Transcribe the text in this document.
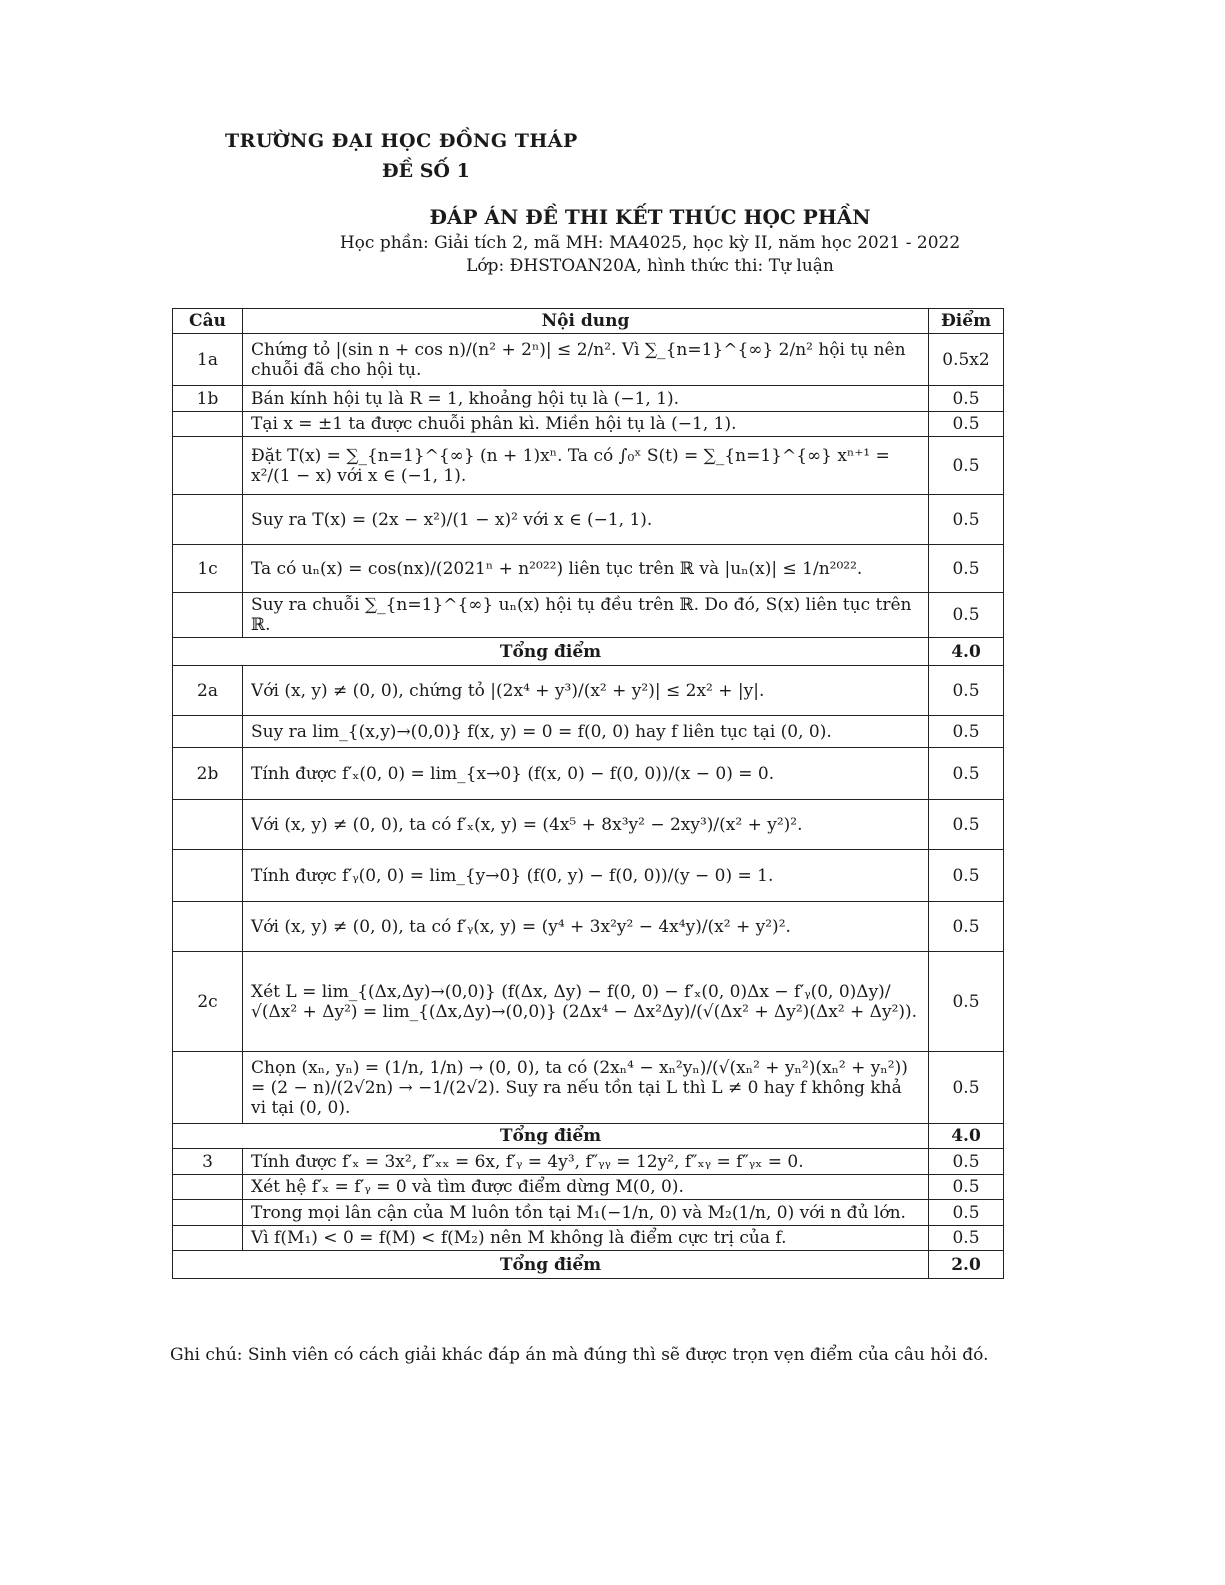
TRƯỜNG ĐẠI HỌC ĐỒNG THÁP
ĐỀ SỐ 1
ĐÁP ÁN ĐỀ THI KẾT THÚC HỌC PHẦN
Học phần: Giải tích 2, mã MH: MA4025, học kỳ II, năm học 2021 - 2022
Lớp: ĐHSTOAN20A, hình thức thi: Tự luận
Câu	Nội dung	Điểm
1a	Chứng tỏ |(sin n + cos n)/(n² + 2ⁿ)| ≤ 2/n². Vì ∑_{n=1}^{∞} 2/n² hội tụ nên chuỗi đã cho hội tụ.	0.5x2
1b	Bán kính hội tụ là R = 1, khoảng hội tụ là (−1, 1).	0.5
	Tại x = ±1 ta được chuỗi phân kì. Miền hội tụ là (−1, 1).	0.5
	Đặt T(x) = ∑_{n=1}^{∞} (n + 1)xⁿ. Ta có ∫₀ˣ S(t) = ∑_{n=1}^{∞} xⁿ⁺¹ = x²/(1 − x) với x ∈ (−1, 1).	0.5
	Suy ra T(x) = (2x − x²)/(1 − x)² với x ∈ (−1, 1).	0.5
1c	Ta có uₙ(x) = cos(nx)/(2021ⁿ + n²⁰²²) liên tục trên ℝ và |uₙ(x)| ≤ 1/n²⁰²².	0.5
	Suy ra chuỗi ∑_{n=1}^{∞} uₙ(x) hội tụ đều trên ℝ. Do đó, S(x) liên tục trên ℝ.	0.5
Tổng điểm		4.0
2a	Với (x, y) ≠ (0, 0), chứng tỏ |(2x⁴ + y³)/(x² + y²)| ≤ 2x² + |y|.	0.5
	Suy ra lim_{(x,y)→(0,0)} f(x, y) = 0 = f(0, 0) hay f liên tục tại (0, 0).	0.5
2b	Tính được f′ₓ(0, 0) = lim_{x→0} (f(x, 0) − f(0, 0))/(x − 0) = 0.	0.5
	Với (x, y) ≠ (0, 0), ta có f′ₓ(x, y) = (4x⁵ + 8x³y² − 2xy³)/(x² + y²)².	0.5
	Tính được f′ᵧ(0, 0) = lim_{y→0} (f(0, y) − f(0, 0))/(y − 0) = 1.	0.5
	Với (x, y) ≠ (0, 0), ta có f′ᵧ(x, y) = (y⁴ + 3x²y² − 4x⁴y)/(x² + y²)².	0.5
2c	Xét L = lim_{(Δx,Δy)→(0,0)} (f(Δx, Δy) − f(0, 0) − f′ₓ(0, 0)Δx − f′ᵧ(0, 0)Δy)/√(Δx² + Δy²) = lim_{(Δx,Δy)→(0,0)} (2Δx⁴ − Δx²Δy)/(√(Δx² + Δy²)(Δx² + Δy²)).	0.5
	Chọn (xₙ, yₙ) = (1/n, 1/n) → (0, 0), ta có (2xₙ⁴ − xₙ²yₙ)/(√(xₙ² + yₙ²)(xₙ² + yₙ²)) = (2 − n)/(2√2n) → −1/(2√2). Suy ra nếu tồn tại L thì L ≠ 0 hay f không khả vi tại (0, 0).	0.5
Tổng điểm		4.0
3	Tính được f′ₓ = 3x², f″ₓₓ = 6x, f′ᵧ = 4y³, f″ᵧᵧ = 12y², f″ₓᵧ = f″ᵧₓ = 0.	0.5
	Xét hệ f′ₓ = f′ᵧ = 0 và tìm được điểm dừng M(0, 0).	0.5
	Trong mọi lân cận của M luôn tồn tại M₁(−1/n, 0) và M₂(1/n, 0) với n đủ lớn.	0.5
	Vì f(M₁) < 0 = f(M) < f(M₂) nên M không là điểm cực trị của f.	0.5
Tổng điểm		2.0
Ghi chú: Sinh viên có cách giải khác đáp án mà đúng thì sẽ được trọn vẹn điểm của câu hỏi đó.
